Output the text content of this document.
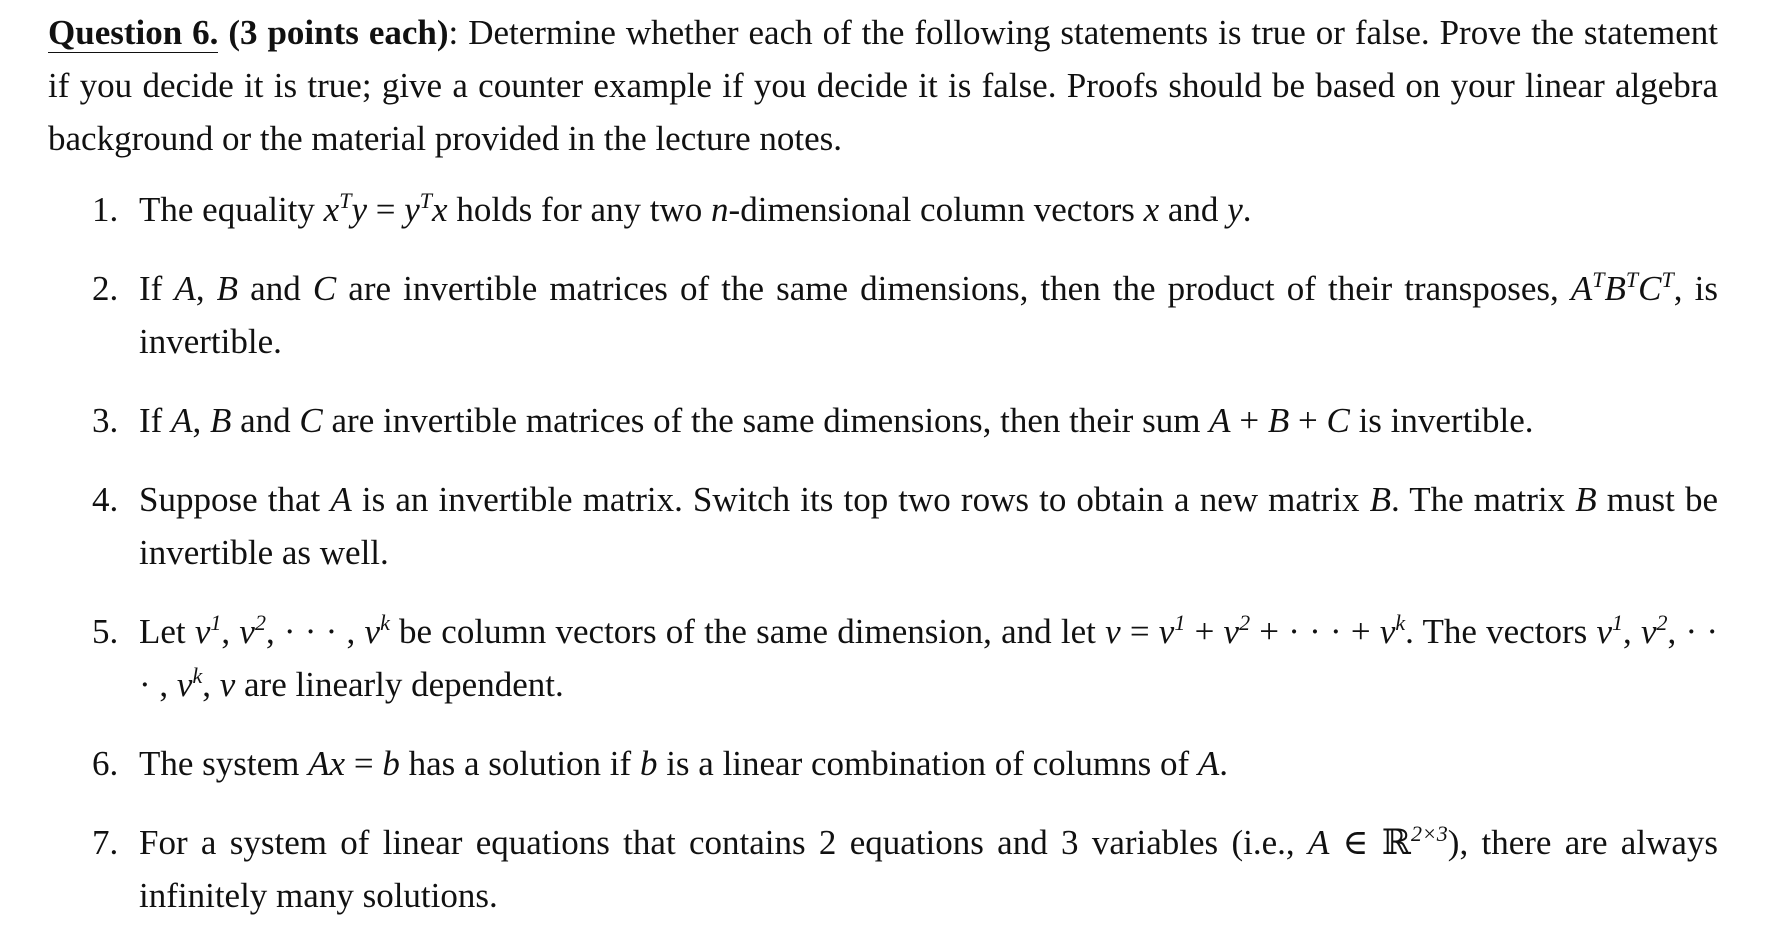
Question 6. (3 points each): Determine whether each of the following statements is true or false. Prove the statement if you decide it is true; give a counter example if you decide it is false. Proofs should be based on your linear algebra background or the material provided in the lecture notes.

1. The equality $x^Ty = y^Tx$ holds for any two n-dimensional column vectors x and y.
2. If A, B and C are invertible matrices of the same dimensions, then the product of their transposes, $A^TB^TC^T$, is invertible.
3. If A, B and C are invertible matrices of the same dimensions, then their sum A + B + C is invertible.
4. Suppose that A is an invertible matrix. Switch its top two rows to obtain a new matrix B. The matrix B must be invertible as well.
5. Let $v^1$, $v^2$, · · · , $v^k$ be column vectors of the same dimension, and let $v = v^1 + v^2$ + · · · + $v^k$. The vectors $v^1$, $v^2$, · · · , $v^k$, v are linearly dependent.
6. The system Ax = b has a solution if b is a linear combination of columns of A.
7. For a system of linear equations that contains 2 equations and 3 variables (i.e., A ∈ ℝ$^{2\times 3}$), there are always infinitely many solutions.
